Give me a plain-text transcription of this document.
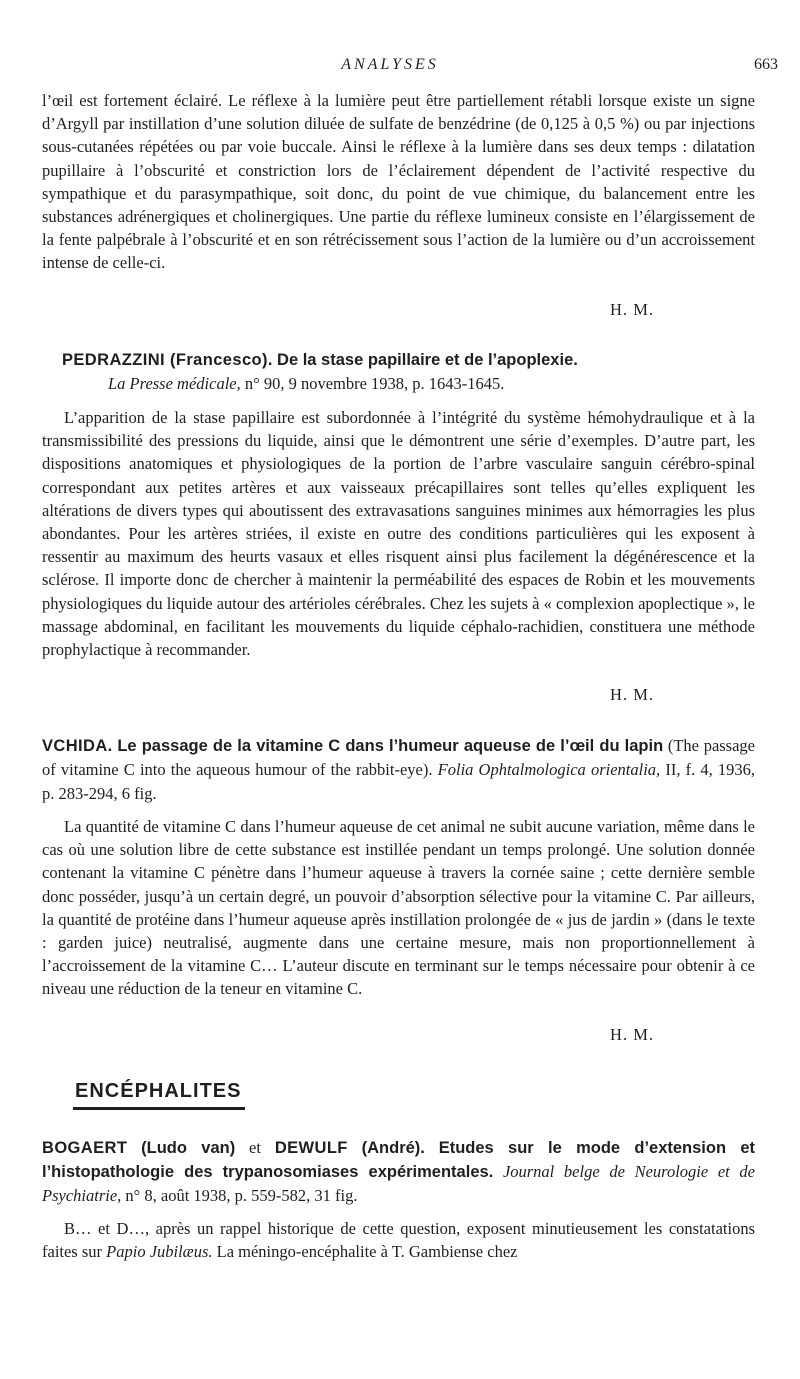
ANALYSES	663

l’œil est fortement éclairé. Le réflexe à la lumière peut être partiellement rétabli lorsque existe un signe d’Argyll par instillation d’une solution diluée de sulfate de benzédrine (de 0,125 à 0,5 %) ou par injections sous-cutanées répétées ou par voie buccale. Ainsi le réflexe à la lumière dans ses deux temps : dilatation pupillaire à l’obscurité et constriction lors de l’éclairement dépendent de l’activité respective du sympathique et du parasympathique, soit donc, du point de vue chimique, du balancement entre les substances adrénergiques et cholinergiques. Une partie du réflexe lumineux consiste en l’élargissement de la fente palpébrale à l’obscurité et en son rétrécissement sous l’action de la lumière ou d’un accroissement intense de celle-ci.

H. M.
PEDRAZZINI (Francesco). De la stase papillaire et de l’apoplexie.
La Presse médicale, n° 90, 9 novembre 1938, p. 1643-1645.

L’apparition de la stase papillaire est subordonnée à l’intégrité du système hémohydraulique et à la transmissibilité des pressions du liquide, ainsi que le démontrent une série d’exemples. D’autre part, les dispositions anatomiques et physiologiques de la portion de l’arbre vasculaire sanguin cérébro-spinal correspondant aux petites artères et aux vaisseaux précapillaires sont telles qu’elles expliquent les altérations de divers types qui aboutissent des extravasations sanguines minimes aux hémorragies les plus abondantes. Pour les artères striées, il existe en outre des conditions particulières qui les exposent à ressentir au maximum des heurts vasaux et elles risquent ainsi plus facilement la dégénérescence et la sclérose. Il importe donc de chercher à maintenir la perméabilité des espaces de Robin et les mouvements physiologiques du liquide autour des artérioles cérébrales. Chez les sujets à « complexion apoplectique », le massage abdominal, en facilitant les mouvements du liquide céphalo-rachidien, constituera une méthode prophylactique à recommander.

H. M.
VCHIDA. Le passage de la vitamine C dans l’humeur aqueuse de l’œil du lapin (The passage of vitamine C into the aqueous humour of the rabbit-eye). Folia Ophtalmologica orientalia, II, f. 4, 1936, p. 283-294, 6 fig.

La quantité de vitamine C dans l’humeur aqueuse de cet animal ne subit aucune variation, même dans le cas où une solution libre de cette substance est instillée pendant un temps prolongé. Une solution donnée contenant la vitamine C pénètre dans l’humeur aqueuse à travers la cornée saine ; cette dernière semble donc posséder, jusqu’à un certain degré, un pouvoir d’absorption sélective pour la vitamine C. Par ailleurs, la quantité de protéine dans l’humeur aqueuse après instillation prolongée de « jus de jardin » (dans le texte : garden juice) neutralisé, augmente dans une certaine mesure, mais non proportionnellement à l’accroissement de la vitamine C… L’auteur discute en terminant sur le temps nécessaire pour obtenir à ce niveau une réduction de la teneur en vitamine C.

H. M.
ENCÉPHALITES
BOGAERT (Ludo van) et DEWULF (André). Etudes sur le mode d’extension et l’histopathologie des trypanosomiases expérimentales. Journal belge de Neurologie et de Psychiatrie, n° 8, août 1938, p. 559-582, 31 fig.

B… et D…, après un rappel historique de cette question, exposent minutieusement les constatations faites sur Papio Jubilæus. La méningo-encéphalite à T. Gambiense chez
